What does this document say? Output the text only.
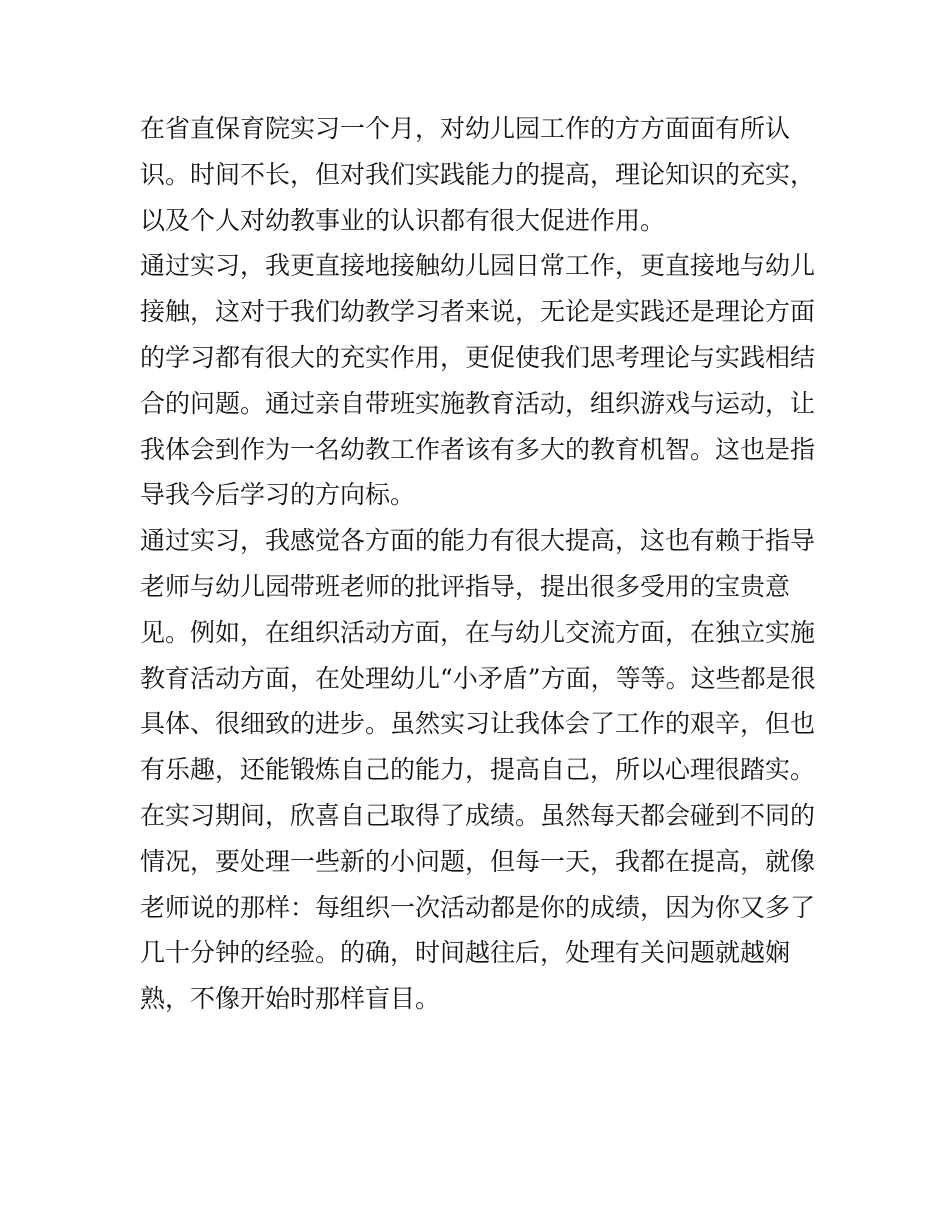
在省直保育院实习一个月，对幼儿园工作的方方面面有所认
识。时间不长，但对我们实践能力的提高，理论知识的充实，
以及个人对幼教事业的认识都有很大促进作用。
通过实习，我更直接地接触幼儿园日常工作，更直接地与幼儿
接触，这对于我们幼教学习者来说，无论是实践还是理论方面
的学习都有很大的充实作用，更促使我们思考理论与实践相结
合的问题。通过亲自带班实施教育活动，组织游戏与运动，让
我体会到作为一名幼教工作者该有多大的教育机智。这也是指
导我今后学习的方向标。
通过实习，我感觉各方面的能力有很大提高，这也有赖于指导
老师与幼儿园带班老师的批评指导，提出很多受用的宝贵意
见。例如，在组织活动方面，在与幼儿交流方面，在独立实施
教育活动方面，在处理幼儿“小矛盾”方面，等等。这些都是很
具体、很细致的进步。虽然实习让我体会了工作的艰辛，但也
有乐趣，还能锻炼自己的能力，提高自己，所以心理很踏实。
在实习期间，欣喜自己取得了成绩。虽然每天都会碰到不同的
情况，要处理一些新的小问题，但每一天，我都在提高，就像
老师说的那样：每组织一次活动都是你的成绩，因为你又多了
几十分钟的经验。的确，时间越往后，处理有关问题就越娴
熟，不像开始时那样盲目。
